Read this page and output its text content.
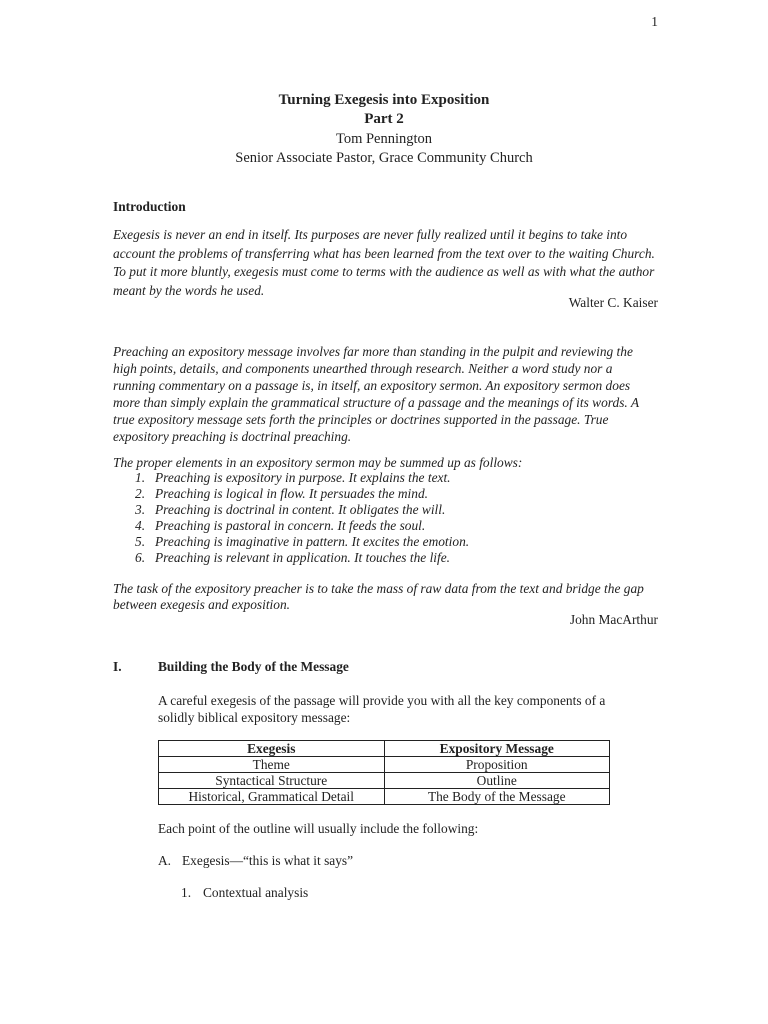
1
Turning Exegesis into Exposition
Part 2
Tom Pennington
Senior Associate Pastor, Grace Community Church
Introduction

Exegesis is never an end in itself. Its purposes are never fully realized until it begins to take into account the problems of transferring what has been learned from the text over to the waiting Church. To put it more bluntly, exegesis must come to terms with the audience as well as with what the author meant by the words he used.

Walter C. Kaiser

Preaching an expository message involves far more than standing in the pulpit and reviewing the high points, details, and components unearthed through research. Neither a word study nor a running commentary on a passage is, in itself, an expository sermon. An expository sermon does more than simply explain the grammatical structure of a passage and the meanings of its words. A true expository message sets forth the principles or doctrines supported in the passage. True expository preaching is doctrinal preaching.

The proper elements in an expository sermon may be summed up as follows:

1. Preaching is expository in purpose. It explains the text.
2. Preaching is logical in flow. It persuades the mind.
3. Preaching is doctrinal in content. It obligates the will.
4. Preaching is pastoral in concern. It feeds the soul.
5. Preaching is imaginative in pattern. It excites the emotion.
6. Preaching is relevant in application. It touches the life.

The task of the expository preacher is to take the mass of raw data from the text and bridge the gap between exegesis and exposition.

John MacArthur
I.	Building the Body of the Message

A careful exegesis of the passage will provide you with all the key components of a solidly biblical expository message:

Exegesis	Expository Message
Theme	Proposition
Syntactical Structure	Outline
Historical, Grammatical Detail	The Body of the Message
Each point of the outline will usually include the following:
A. Exegesis—“this is what it says”
1. Contextual analysis
